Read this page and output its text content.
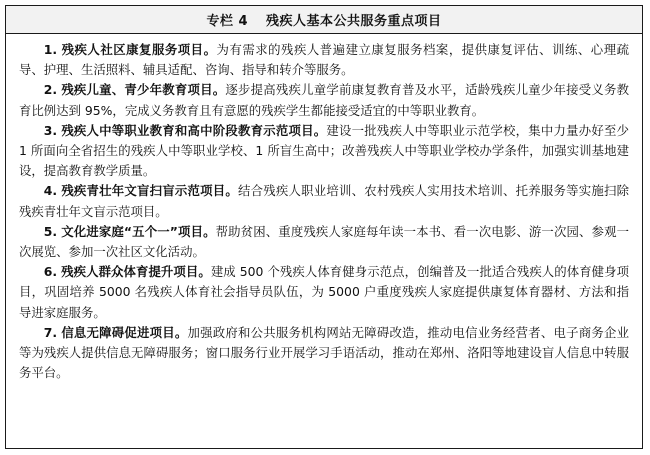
专栏 4 残疾人基本公共服务重点项目

1. 残疾人社区康复服务项目。为有需求的残疾人普遍建立康复服务档案，提供康复评估、训练、心理疏导、护理、生活照料、辅具适配、咨询、指导和转介等服务。

2. 残疾儿童、青少年教育项目。逐步提高残疾儿童学前康复教育普及水平，适龄残疾儿童少年接受义务教育比例达到 95%，完成义务教育且有意愿的残疾学生都能接受适宜的中等职业教育。

3. 残疾人中等职业教育和高中阶段教育示范项目。建设一批残疾人中等职业示范学校，集中力量办好至少 1 所面向全省招生的残疾人中等职业学校、1 所盲生高中；改善残疾人中等职业学校办学条件，加强实训基地建设，提高教育教学质量。

4. 残疾青壮年文盲扫盲示范项目。结合残疾人职业培训、农村残疾人实用技术培训、托养服务等实施扫除残疾青壮年文盲示范项目。

5. 文化进家庭“五个一”项目。帮助贫困、重度残疾人家庭每年读一本书、看一次电影、游一次园、参观一次展览、参加一次社区文化活动。

6. 残疾人群众体育提升项目。建成 500 个残疾人体育健身示范点，创编普及一批适合残疾人的体育健身项目，巩固培养 5000 名残疾人体育社会指导员队伍，为 5000 户重度残疾人家庭提供康复体育器材、方法和指导进家庭服务。

7. 信息无障碍促进项目。加强政府和公共服务机构网站无障碍改造，推动电信业务经营者、电子商务企业等为残疾人提供信息无障碍服务；窗口服务行业开展学习手语活动，推动在郑州、洛阳等地建设盲人信息中转服务平台。
